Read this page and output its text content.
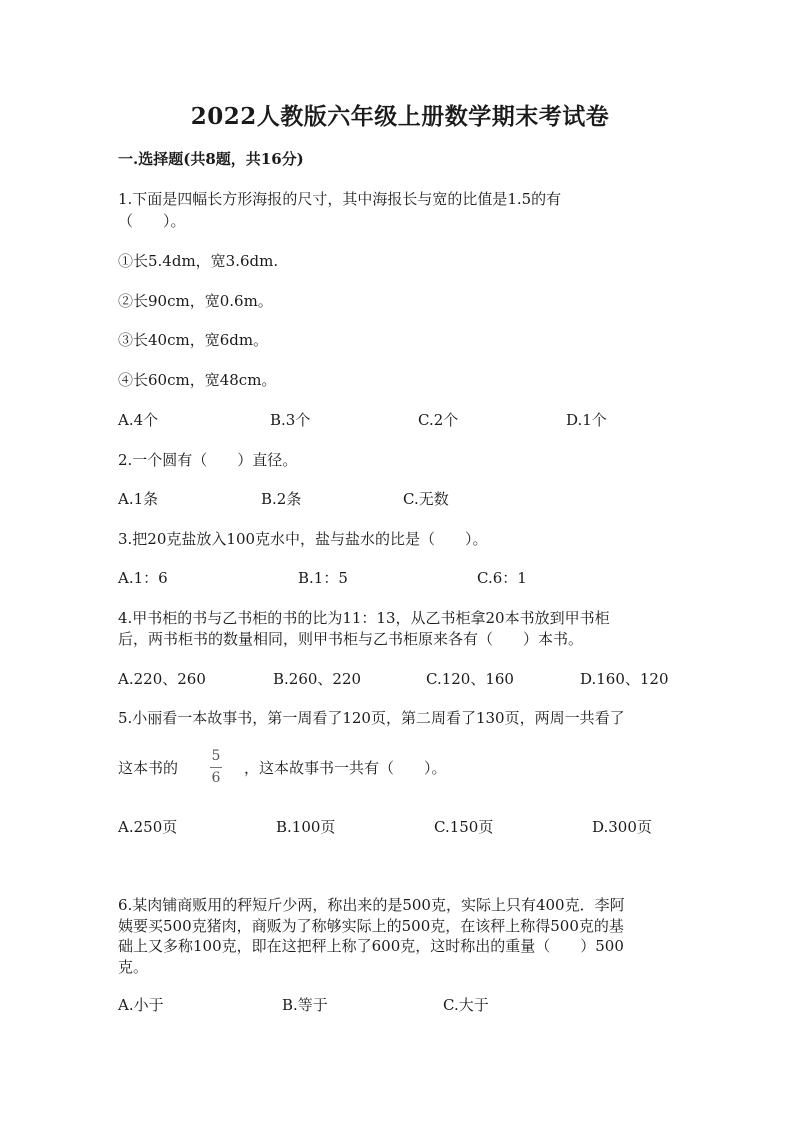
2022人教版六年级上册数学期末考试卷
一.选择题(共8题，共16分)
1.下面是四幅长方形海报的尺寸，其中海报长与宽的比值是1.5的有
（　　）。
①长5.4dm，宽3.6dm.
②长90cm，宽0.6m。
③长40cm，宽6dm。
④长60cm，宽48cm。
A.4个	B.3个	C.2个	D.1个
2.一个圆有（　　）直径。
A.1条	B.2条	C.无数
3.把20克盐放入100克水中，盐与盐水的比是（　　）。
A.1：6	B.1：5	C.6：1
4.甲书柜的书与乙书柜的书的比为11：13，从乙书柜拿20本书放到甲书柜
后，两书柜书的数量相同，则甲书柜与乙书柜原来各有（　　）本书。
A.220、260	B.260、220	C.120、160	D.160、120
5.小丽看一本故事书，第一周看了120页，第二周看了130页，两周一共看了
这本书的
5
6
，这本故事书一共有（　　）。
A.250页	B.100页	C.150页	D.300页
6.某肉铺商贩用的秤短斤少两，称出来的是500克，实际上只有400克．李阿
姨要买500克猪肉，商贩为了称够实际上的500克，在该秤上称得500克的基
础上又多称100克，即在这把秤上称了600克，这时称出的重量（　　）500
克。
A.小于	B.等于	C.大于
